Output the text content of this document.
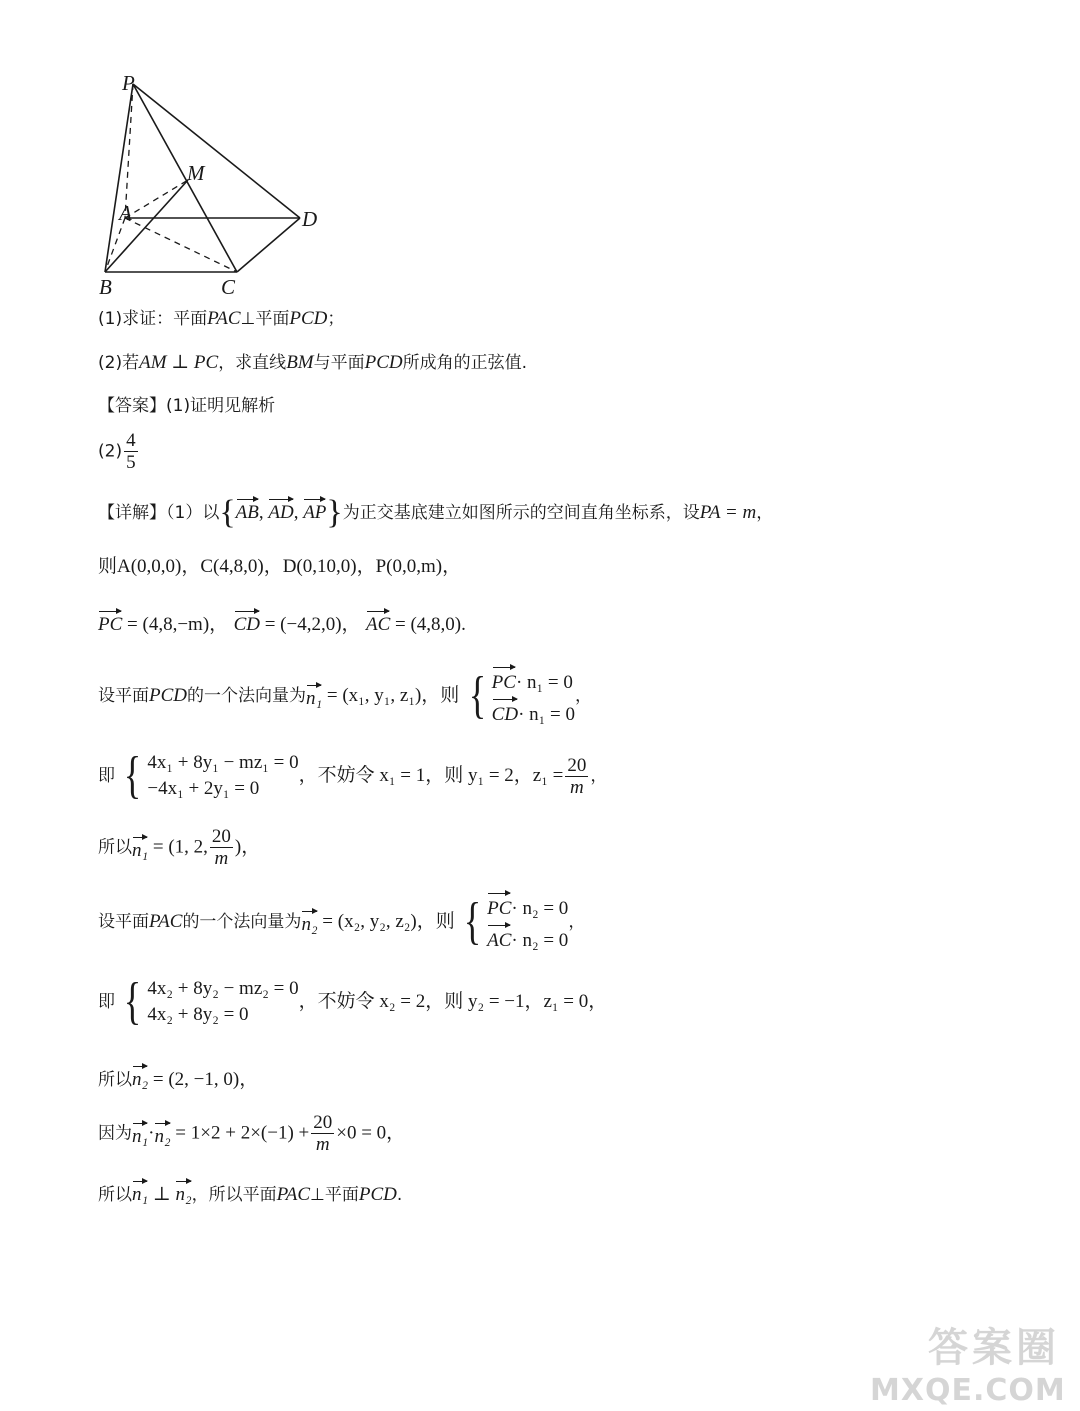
P
M
A	D
B	C
(1)求证：平面PAC⊥平面PCD；
(2)若AM ⊥ PC，求直线BM与平面PCD所成角的正弦值.
【答案】(1)证明见解析
$(2) \frac{4}{5}$
【详解】（1）以{AB, AD, AP}为正交基底建立如图所示的空间直角坐标系，设PA = m，
则A(0,0,0)，C(4,8,0)，D(0,10,0)，P(0,0,m)，
PC = (4,8,−m)， CD = (−4,2,0)， AC = (4,8,0).
设平面PCD的一个法向量为n₁ = (x₁, y₁, z₁)，则 { PC· n₁ = 0
CD· n₁ = 0
，
即 { 4x₁ + 8y₁ − mz₁ = 0
−4x₁ + 2y₁ = 0
，不妨令 x₁ = 1，则 y₁ = 2，$z_1 = \frac{20}{m}$ ，
所以n₁ = (1, 2, $\frac{20}{m}$ )，
设平面PAC的一个法向量为n₂ = (x₂, y₂, z₂)，则 { PC· n₂ = 0
AC· n₂ = 0
，
即 { 4x₂ + 8y₂ − mz₂ = 0
4x₂ + 8y₂ = 0
，不妨令 x₂ = 2，则 y₂ = −1，z₁ = 0，
所以n₂ = (2, −1, 0)，
因为$n_1\cdot n_2 = 1\times 2 + 2\times(-1) + \frac{20}{m} \times 0 = 0$，
所以n₁ ⊥ n₂，所以平面PAC⊥平面PCD.
答案圈
MXQE.COM
